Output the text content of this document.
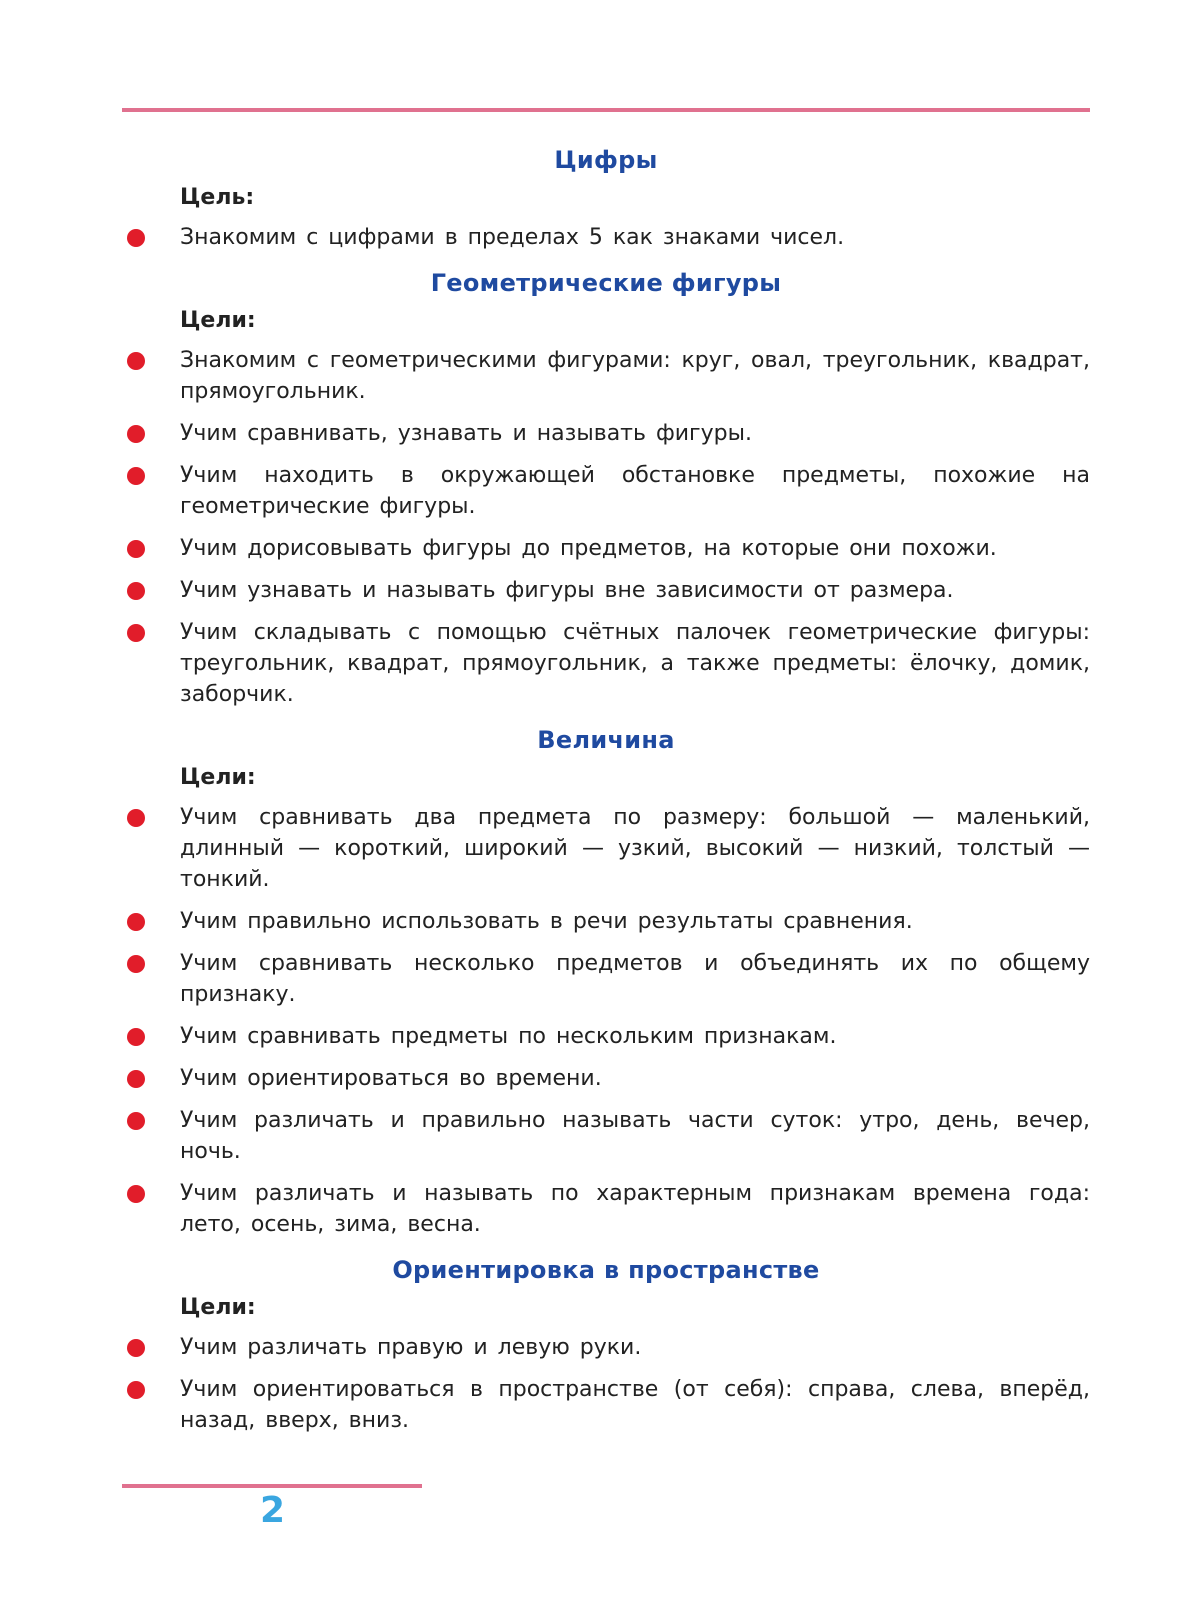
Цифры
Цель:
Знакомим с цифрами в пределах 5 как знаками чисел.
Геометрические фигуры
Цели:
Знакомим с геометрическими фигурами: круг, овал, треугольник, квадрат, прямоугольник.
Учим сравнивать, узнавать и называть фигуры.
Учим находить в окружающей обстановке предметы, похожие на геометрические фигуры.
Учим дорисовывать фигуры до предметов, на которые они похожи.
Учим узнавать и называть фигуры вне зависимости от размера.
Учим складывать с помощью счётных палочек геометрические фигуры: треугольник, квадрат, прямоугольник, а также предметы: ёлочку, домик, заборчик.
Величина
Цели:
Учим сравнивать два предмета по размеру: большой — маленький, длинный — короткий, широкий — узкий, высокий — низкий, толстый — тонкий.
Учим правильно использовать в речи результаты сравнения.
Учим сравнивать несколько предметов и объединять их по общему признаку.
Учим сравнивать предметы по нескольким признакам.
Учим ориентироваться во времени.
Учим различать и правильно называть части суток: утро, день, вечер, ночь.
Учим различать и называть по характерным признакам времена года: лето, осень, зима, весна.
Ориентировка в пространстве
Цели:
Учим различать правую и левую руки.
Учим ориентироваться в пространстве (от себя): справа, слева, вперёд, назад, вверх, вниз.
2
